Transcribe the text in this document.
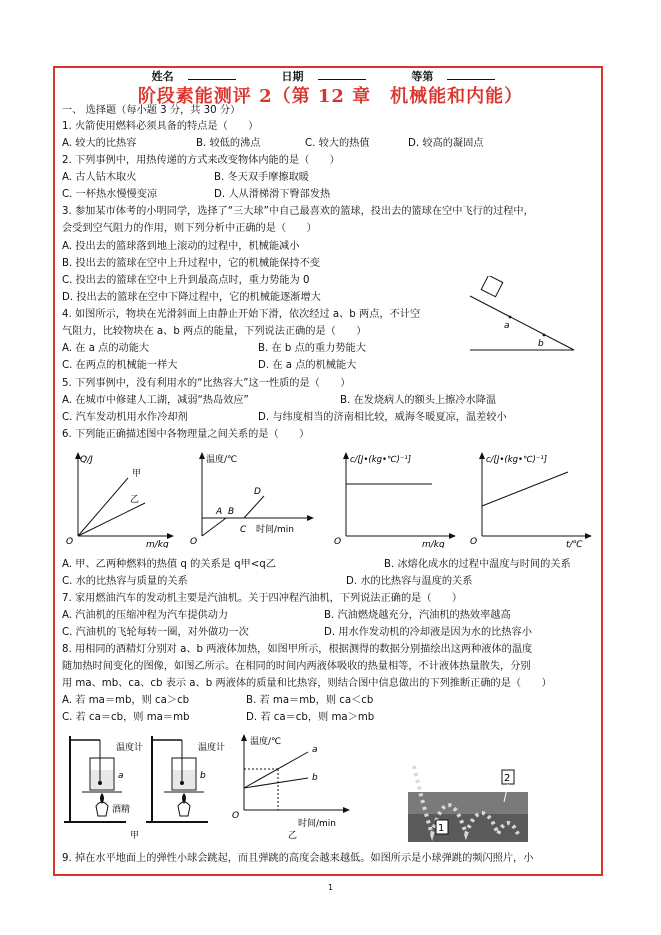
姓名	日期	等第
阶段素能测评 2（第 12 章　机械能和内能）
一、 选择题（每小题 3 分，共 30 分）
1. 火箭使用燃料必须具备的特点是（　　）
A. 较大的比热容	B. 较低的沸点	C. 较大的热值	D. 较高的凝固点
2. 下列事例中，用热传递的方式来改变物体内能的是（　　）
A. 古人钻木取火	B. 冬天双手摩擦取暖
C. 一杯热水慢慢变凉	D. 人从滑梯滑下臀部发热
3. 参加某市体考的小明同学，选择了“三大球”中自己最喜欢的篮球，投出去的篮球在空中飞行的过程中，
会受到空气阻力的作用，则下列分析中正确的是（　　）
A. 投出去的篮球落到地上滚动的过程中，机械能减小
B. 投出去的篮球在空中上升过程中，它的机械能保持不变
C. 投出去的篮球在空中上升到最高点时，重力势能为 0
D. 投出去的篮球在空中下降过程中，它的机械能逐渐增大
4. 如图所示，物块在光滑斜面上由静止开始下滑，依次经过 a、b 两点，不计空
气阻力，比较物块在 a、b 两点的能量，下列说法正确的是（　　）
A. 在 a 点的动能大	B. 在 b 点的重力势能大
C. 在两点的机械能一样大	D. 在 a 点的机械能大
a
b
5. 下列事例中，没有利用水的“比热容大”这一性质的是（　　）
A. 在城市中修建人工湖，减弱“热岛效应”	B. 在发烧病人的额头上擦冷水降温
C. 汽车发动机用水作冷却剂	D. 与纬度相当的济南相比较，威海冬暖夏凉，温差较小
6. 下列能正确描述图中各物理量之间关系的是（　　）
Q/J
甲
乙
O	m/kg
温度/℃
A B
C
D
O
时间/min
c/[J•(kg•℃)⁻¹]
O	m/kg
c/[J•(kg•℃)⁻¹]
O	t/℃
A. 甲、乙两种燃料的热值 q 的关系是 q甲<q乙	B. 冰熔化成水的过程中温度与时间的关系
C. 水的比热容与质量的关系	D. 水的比热容与温度的关系
7. 家用燃油汽车的发动机主要是汽油机。关于四冲程汽油机，下列说法正确的是（　　）
A. 汽油机的压缩冲程为汽车提供动力	B. 汽油燃烧越充分，汽油机的热效率越高
C. 汽油机的飞轮每转一圈，对外做功一次	D. 用水作发动机的冷却液是因为水的比热容小
8. 用相同的酒精灯分别对 a、b 两液体加热，如图甲所示，根据测得的数据分别描绘出这两种液体的温度
随加热时间变化的图像，如图乙所示。在相同的时间内两液体吸收的热量相等，不计液体热量散失，分别
用 ma、mb、ca、cb 表示 a、b 两液体的质量和比热容，则结合图中信息做出的下列推断正确的是（　　）
A. 若 ma＝mb，则 ca＞cb	B. 若 ma＝mb，则 ca＜cb
C. 若 ca＝cb，则 ma＝mb	D. 若 ca＝cb，则 ma＞mb
温度计
a
温度计
b
酒精
甲
温度/℃
a
b
O
时间/min
乙
1
2
9. 掉在水平地面上的弹性小球会跳起，而且弹跳的高度会越来越低。如图所示是小球弹跳的频闪照片，小
1
